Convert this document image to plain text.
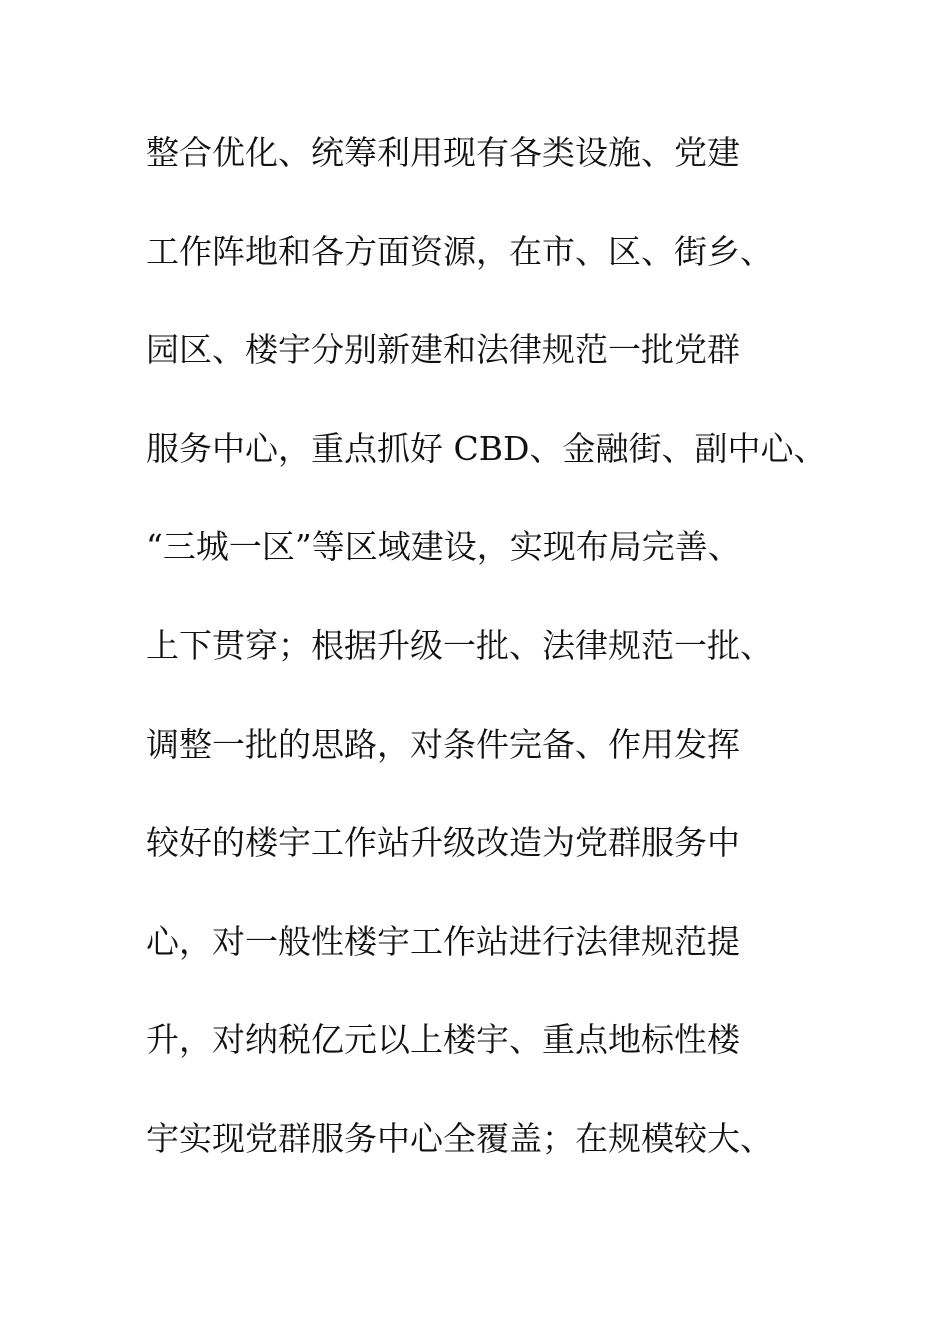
整合优化、统筹利用现有各类设施、党建
工作阵地和各方面资源，在市、区、街乡、
园区、楼宇分别新建和法律规范一批党群
服务中心，重点抓好 CBD、金融街、副中心、
“三城一区”等区域建设，实现布局完善、
上下贯穿；根据升级一批、法律规范一批、
调整一批的思路，对条件完备、作用发挥
较好的楼宇工作站升级改造为党群服务中
心，对一般性楼宇工作站进行法律规范提
升，对纳税亿元以上楼宇、重点地标性楼
宇实现党群服务中心全覆盖；在规模较大、
